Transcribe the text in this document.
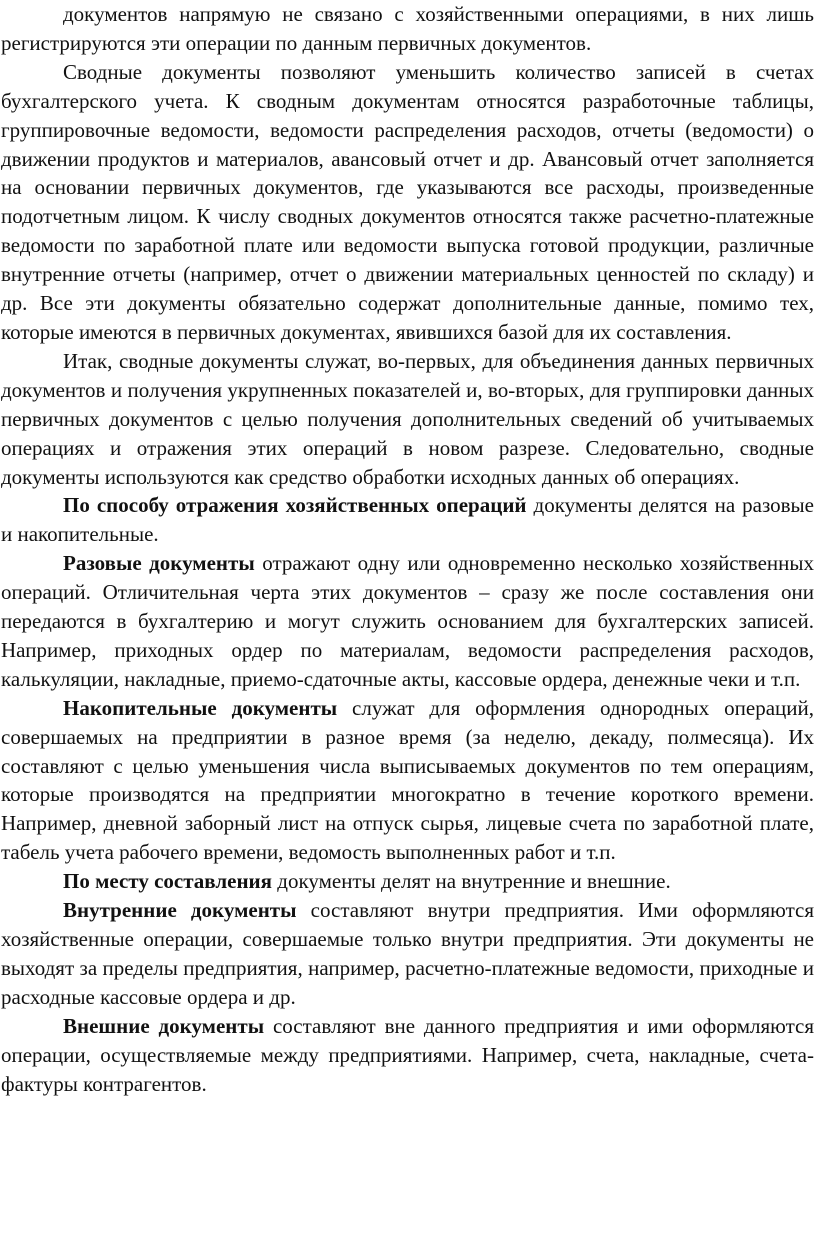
документов напрямую не связано с хозяйственными операциями, в них лишь регистрируются эти операции по данным первичных документов.

Сводные документы позволяют уменьшить количество записей в счетах бухгалтерского учета. К сводным документам относятся разработочные таблицы, группировочные ведомости, ведомости распределения расходов, отчеты (ведомости) о движении продуктов и материалов, авансовый отчет и др. Авансовый отчет заполняется на основании первичных документов, где указываются все расходы, произведенные подотчетным лицом. К числу сводных документов относятся также расчетно-платежные ведомости по заработной плате или ведомости выпуска готовой продукции, различные внутренние отчеты (например, отчет о движении материальных ценностей по складу) и др. Все эти документы обязательно содержат дополнительные данные, помимо тех, которые имеются в первичных документах, явившихся базой для их составления.

Итак, сводные документы служат, во-первых, для объединения данных первичных документов и получения укрупненных показателей и, во-вторых, для группировки данных первичных документов с целью получения дополнительных сведений об учитываемых операциях и отражения этих операций в новом разрезе. Следовательно, сводные документы используются как средство обработки исходных данных об операциях.

По способу отражения хозяйственных операций документы делятся на разовые и накопительные.

Разовые документы отражают одну или одновременно несколько хозяйственных операций. Отличительная черта этих документов – сразу же после составления они передаются в бухгалтерию и могут служить основанием для бухгалтерских записей. Например, приходных ордер по материалам, ведомости распределения расходов, калькуляции, накладные, приемо-сдаточные акты, кассовые ордера, денежные чеки и т.п.

Накопительные документы служат для оформления однородных операций, совершаемых на предприятии в разное время (за неделю, декаду, полмесяца). Их составляют с целью уменьшения числа выписываемых документов по тем операциям, которые производятся на предприятии многократно в течение короткого времени. Например, дневной заборный лист на отпуск сырья, лицевые счета по заработной плате, табель учета рабочего времени, ведомость выполненных работ и т.п.

По месту составления документы делят на внутренние и внешние.

Внутренние документы составляют внутри предприятия. Ими оформляются хозяйственные операции, совершаемые только внутри предприятия. Эти документы не выходят за пределы предприятия, например, расчетно-платежные ведомости, приходные и расходные кассовые ордера и др.

Внешние документы составляют вне данного предприятия и ими оформляются операции, осуществляемые между предприятиями. Например, счета, накладные, счета-фактуры контрагентов.
